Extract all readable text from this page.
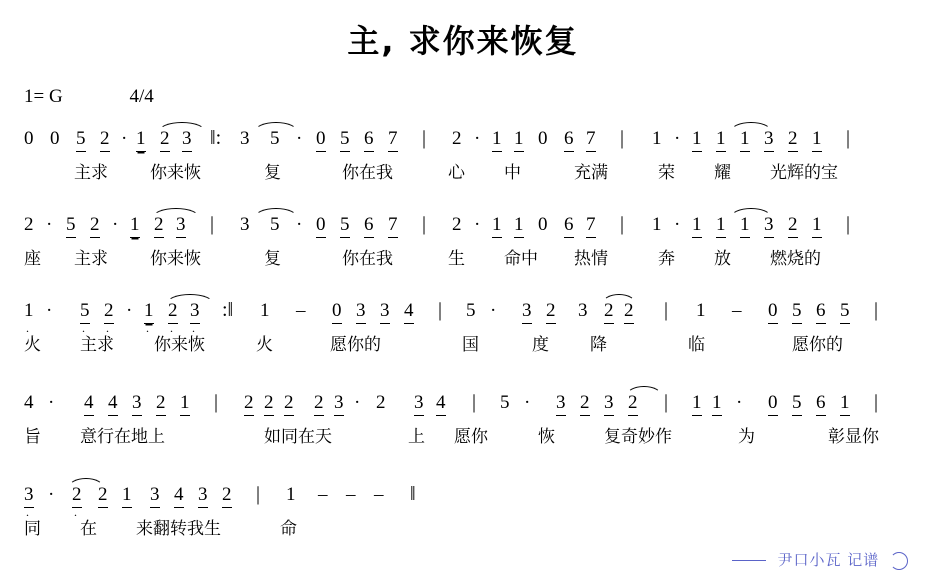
主, 求你来恢复
1= G	4/4
0 0 5 2 · 1 2 3 ‖: 3 5 · 0 5 6 7 | 2 · 1 1 0 6 7 | 1 · 1 1 1 3 2 1 |
主求 你来恢	复	你在我	心 中	充满	荣 耀 光辉的宝
2 · 5 2 · 1 2 3 | 3 5 · 0 5 6 7 | 2 · 1 1 0 6 7 | 1 · 1 1 1 3 2 1 |
座 主求 你来恢	复	你在我	生 命中 热情	奔 放 燃烧的
1
.
· 5
.
2
.
· 1
.
2
.
3
.
:‖ 1 – 0 3 3 4 | 5 · 3 2 3 2 2 | 1 – 0 5 6 5 |
火 主求 你来恢	火	愿你的	国	度 降	临	愿你的
4 · 4 4 3 2 1 | 2 2 2 2 3 · 2 3 4 | 5 · 3 2 3 2 | 1 1 · 0 5 6 1 |
旨 意行在地上	如同在天	上 愿你	恢	复奇妙作	为	彰显你
3
.
· 2
.
2 1 3 4 3 2 | 1 – – – ‖
同 在 来翻转我生	命
尹口小瓦 记谱
